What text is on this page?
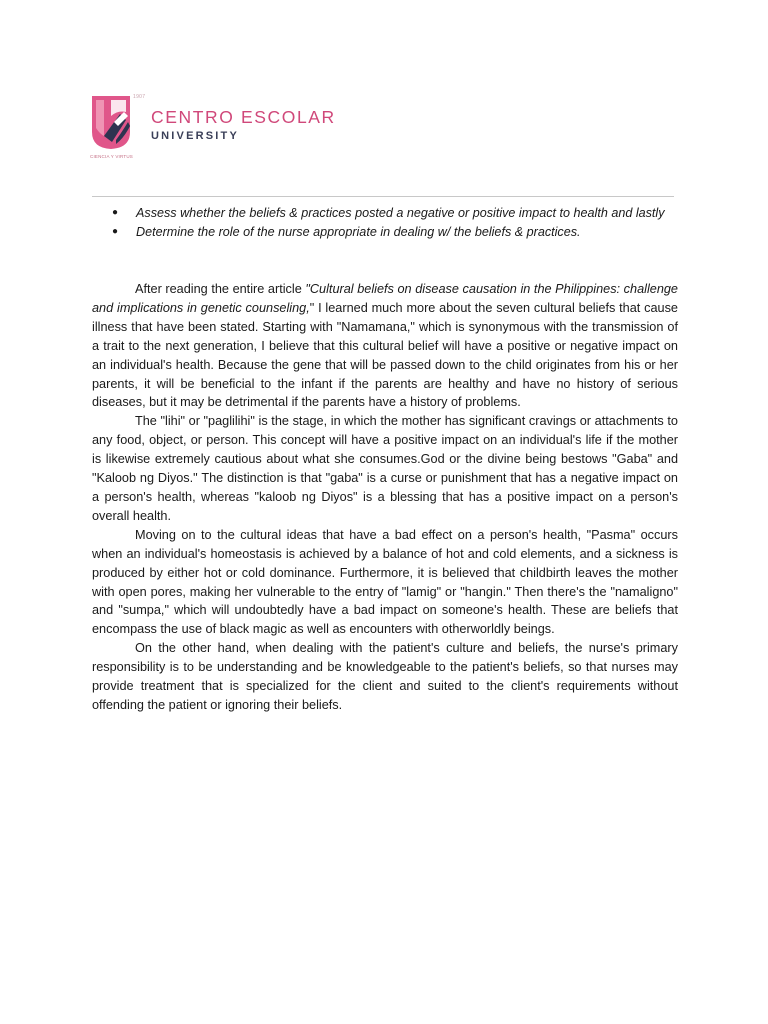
1907
CIENCIA Y VIRTUS
CENTRO ESCOLAR
UNIVERSITY
● Assess whether the beliefs & practices posted a negative or positive impact to health and lastly
● Determine the role of the nurse appropriate in dealing w/ the beliefs & practices.

After reading the entire article "Cultural beliefs on disease causation in the Philippines: challenge and implications in genetic counseling," I learned much more about the seven cultural beliefs that cause illness that have been stated. Starting with "Namamana," which is synonymous with the transmission of a trait to the next generation, I believe that this cultural belief will have a positive or negative impact on an individual's health. Because the gene that will be passed down to the child originates from his or her parents, it will be beneficial to the infant if the parents are healthy and have no history of serious diseases, but it may be detrimental if the parents have a history of problems.

The "lihi" or "paglilihi" is the stage, in which the mother has significant cravings or attachments to any food, object, or person. This concept will have a positive impact on an individual's life if the mother is likewise extremely cautious about what she consumes.God or the divine being bestows "Gaba" and "Kaloob ng Diyos." The distinction is that "gaba" is a curse or punishment that has a negative impact on a person's health, whereas "kaloob ng Diyos" is a blessing that has a positive impact on a person's overall health.

Moving on to the cultural ideas that have a bad effect on a person's health, "Pasma" occurs when an individual's homeostasis is achieved by a balance of hot and cold elements, and a sickness is produced by either hot or cold dominance. Furthermore, it is believed that childbirth leaves the mother with open pores, making her vulnerable to the entry of "lamig" or "hangin." Then there's the "namaligno" and "sumpa," which will undoubtedly have a bad impact on someone's health. These are beliefs that encompass the use of black magic as well as encounters with otherworldly beings.

On the other hand, when dealing with the patient's culture and beliefs, the nurse's primary responsibility is to be understanding and be knowledgeable to the patient's beliefs, so that nurses may provide treatment that is specialized for the client and suited to the client's requirements without offending the patient or ignoring their beliefs.
